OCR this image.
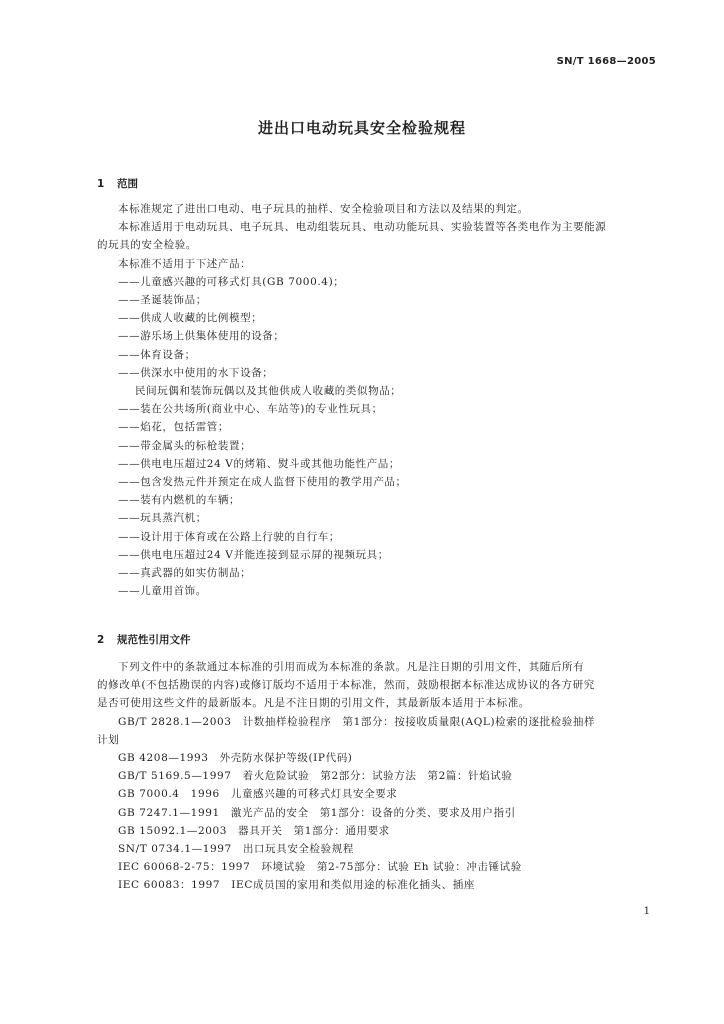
SN/T 1668—2005
进出口电动玩具安全检验规程
1 范围

本标准规定了进出口电动、电子玩具的抽样、安全检验项目和方法以及结果的判定。

本标准适用于电动玩具、电子玩具、电动组装玩具、电动功能玩具、实验装置等各类电作为主要能源

的玩具的安全检验。

本标准不适用于下述产品：

——儿童感兴趣的可移式灯具(GB 7000.4)；

——圣诞装饰品；

——供成人收藏的比例模型；

——游乐场上供集体使用的设备；

——体育设备；

——供深水中使用的水下设备；

民间玩偶和装饰玩偶以及其他供成人收藏的类似物品；

——装在公共场所(商业中心、车站等)的专业性玩具；

——焰花，包括雷管；

——带金属头的标枪装置；

——供电电压超过24 V的烤箱、熨斗或其他功能性产品；

——包含发热元件并预定在成人监督下使用的教学用产品；

——装有内燃机的车辆；

——玩具蒸汽机；

——设计用于体育或在公路上行驶的自行车；

——供电电压超过24 V并能连接到显示屏的视频玩具；

——真武器的如实仿制品；

——儿童用首饰。

2 规范性引用文件

下列文件中的条款通过本标准的引用而成为本标准的条款。凡是注日期的引用文件，其随后所有

的修改单(不包括勘误的内容)或修订版均不适用于本标准，然而，鼓励根据本标准达成协议的各方研究

是否可使用这些文件的最新版本。凡是不注日期的引用文件，其最新版本适用于本标准。

GB/T 2828.1—2003　计数抽样检验程序　第1部分：按接收质量限(AQL)检索的逐批检验抽样

计划

GB 4208—1993　外壳防水保护等级(IP代码)

GB/T 5169.5—1997　着火危险试验　第2部分：试验方法　第2篇：针焰试验

GB 7000.4　1996　儿童感兴趣的可移式灯具安全要求

GB 7247.1—1991　激光产品的安全　第1部分：设备的分类、要求及用户指引

GB 15092.1—2003　器具开关　第1部分：通用要求

SN/T 0734.1—1997　出口玩具安全检验规程

IEC 60068-2-75：1997　环境试验　第2-75部分：试验 Eh 试验：冲击锤试验

IEC 60083：1997　IEC成员国的家用和类似用途的标准化插头、插座

1
